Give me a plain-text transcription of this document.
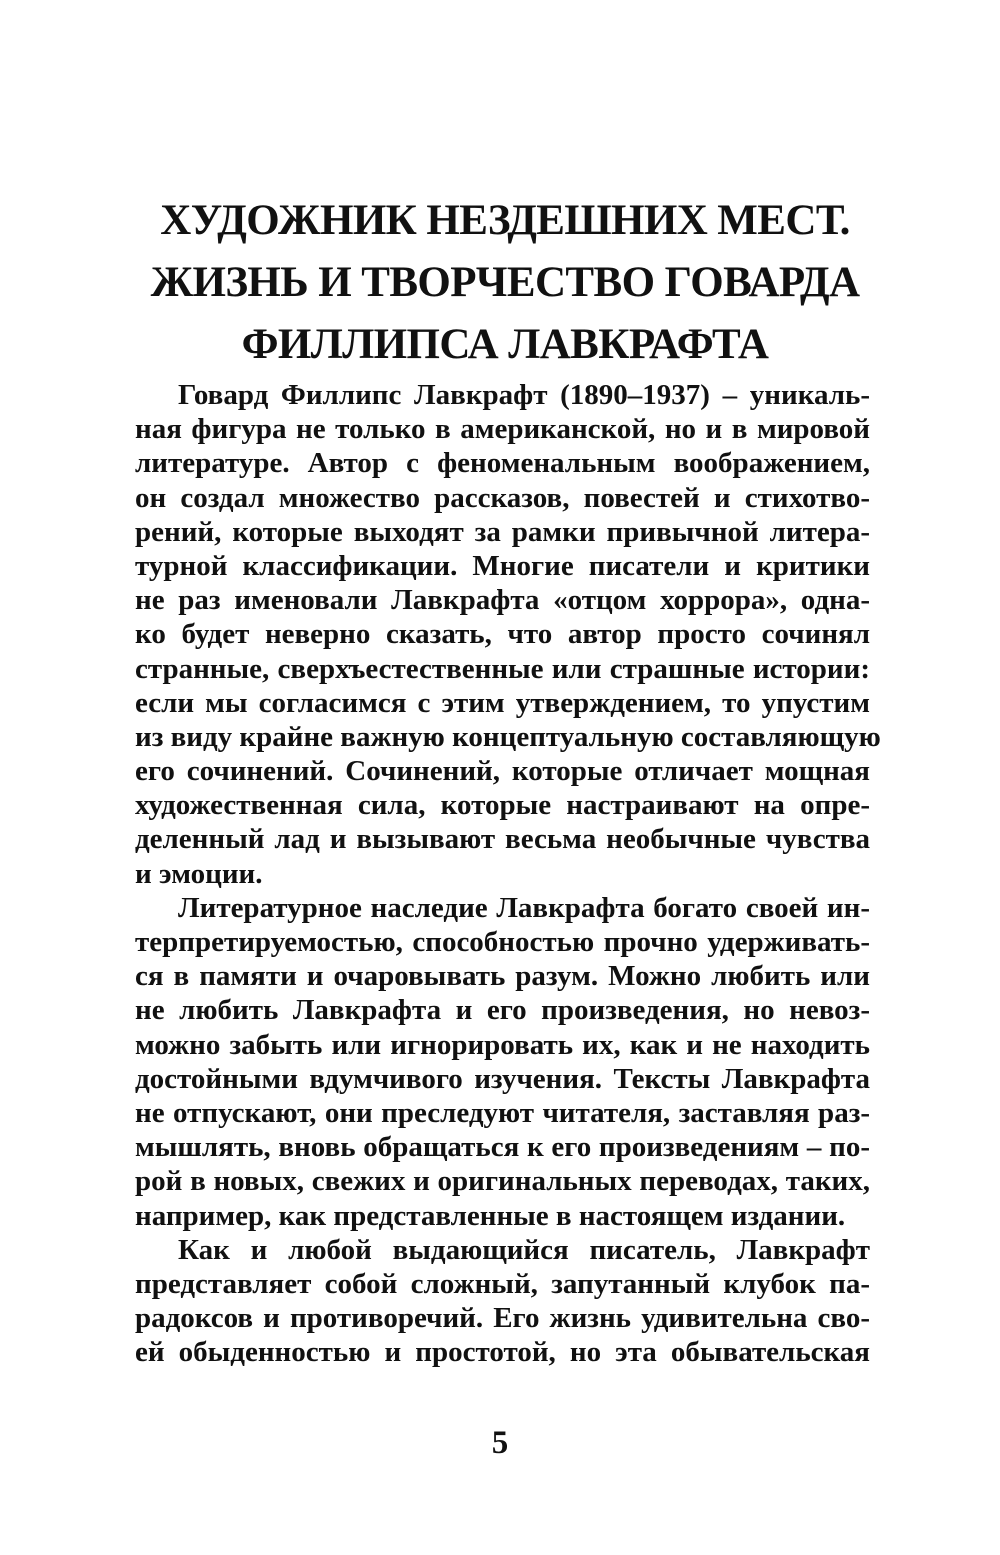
ХУДОЖНИК НЕЗДЕШНИХ МЕСТ.
ЖИЗНЬ И ТВОРЧЕСТВО ГОВАРДА
ФИЛЛИПСА ЛАВКРАФТА
Говард Филлипс Лавкрафт (1890–1937) – уникаль-
ная фигура не только в американской, но и в мировой
литературе. Автор с феноменальным воображением,
он создал множество рассказов, повестей и стихотво-
рений, которые выходят за рамки привычной литера-
турной классификации. Многие писатели и критики
не раз именовали Лавкрафта «отцом хоррора», одна-
ко будет неверно сказать, что автор просто сочинял
странные, сверхъестественные или страшные истории:
если мы согласимся с этим утверждением, то упустим
из виду крайне важную концептуальную составляющую
его сочинений. Сочинений, которые отличает мощная
художественная сила, которые настраивают на опре-
деленный лад и вызывают весьма необычные чувства
и эмоции.
Литературное наследие Лавкрафта богато своей ин-
терпретируемостью, способностью прочно удерживать-
ся в памяти и очаровывать разум. Можно любить или
не любить Лавкрафта и его произведения, но невоз-
можно забыть или игнорировать их, как и не находить
достойными вдумчивого изучения. Тексты Лавкрафта
не отпускают, они преследуют читателя, заставляя раз-
мышлять, вновь обращаться к его произведениям – по-
рой в новых, свежих и оригинальных переводах, таких,
например, как представленные в настоящем издании.
Как и любой выдающийся писатель, Лавкрафт
представляет собой сложный, запутанный клубок па-
радоксов и противоречий. Его жизнь удивительна сво-
ей обыденностью и простотой, но эта обывательская
5
